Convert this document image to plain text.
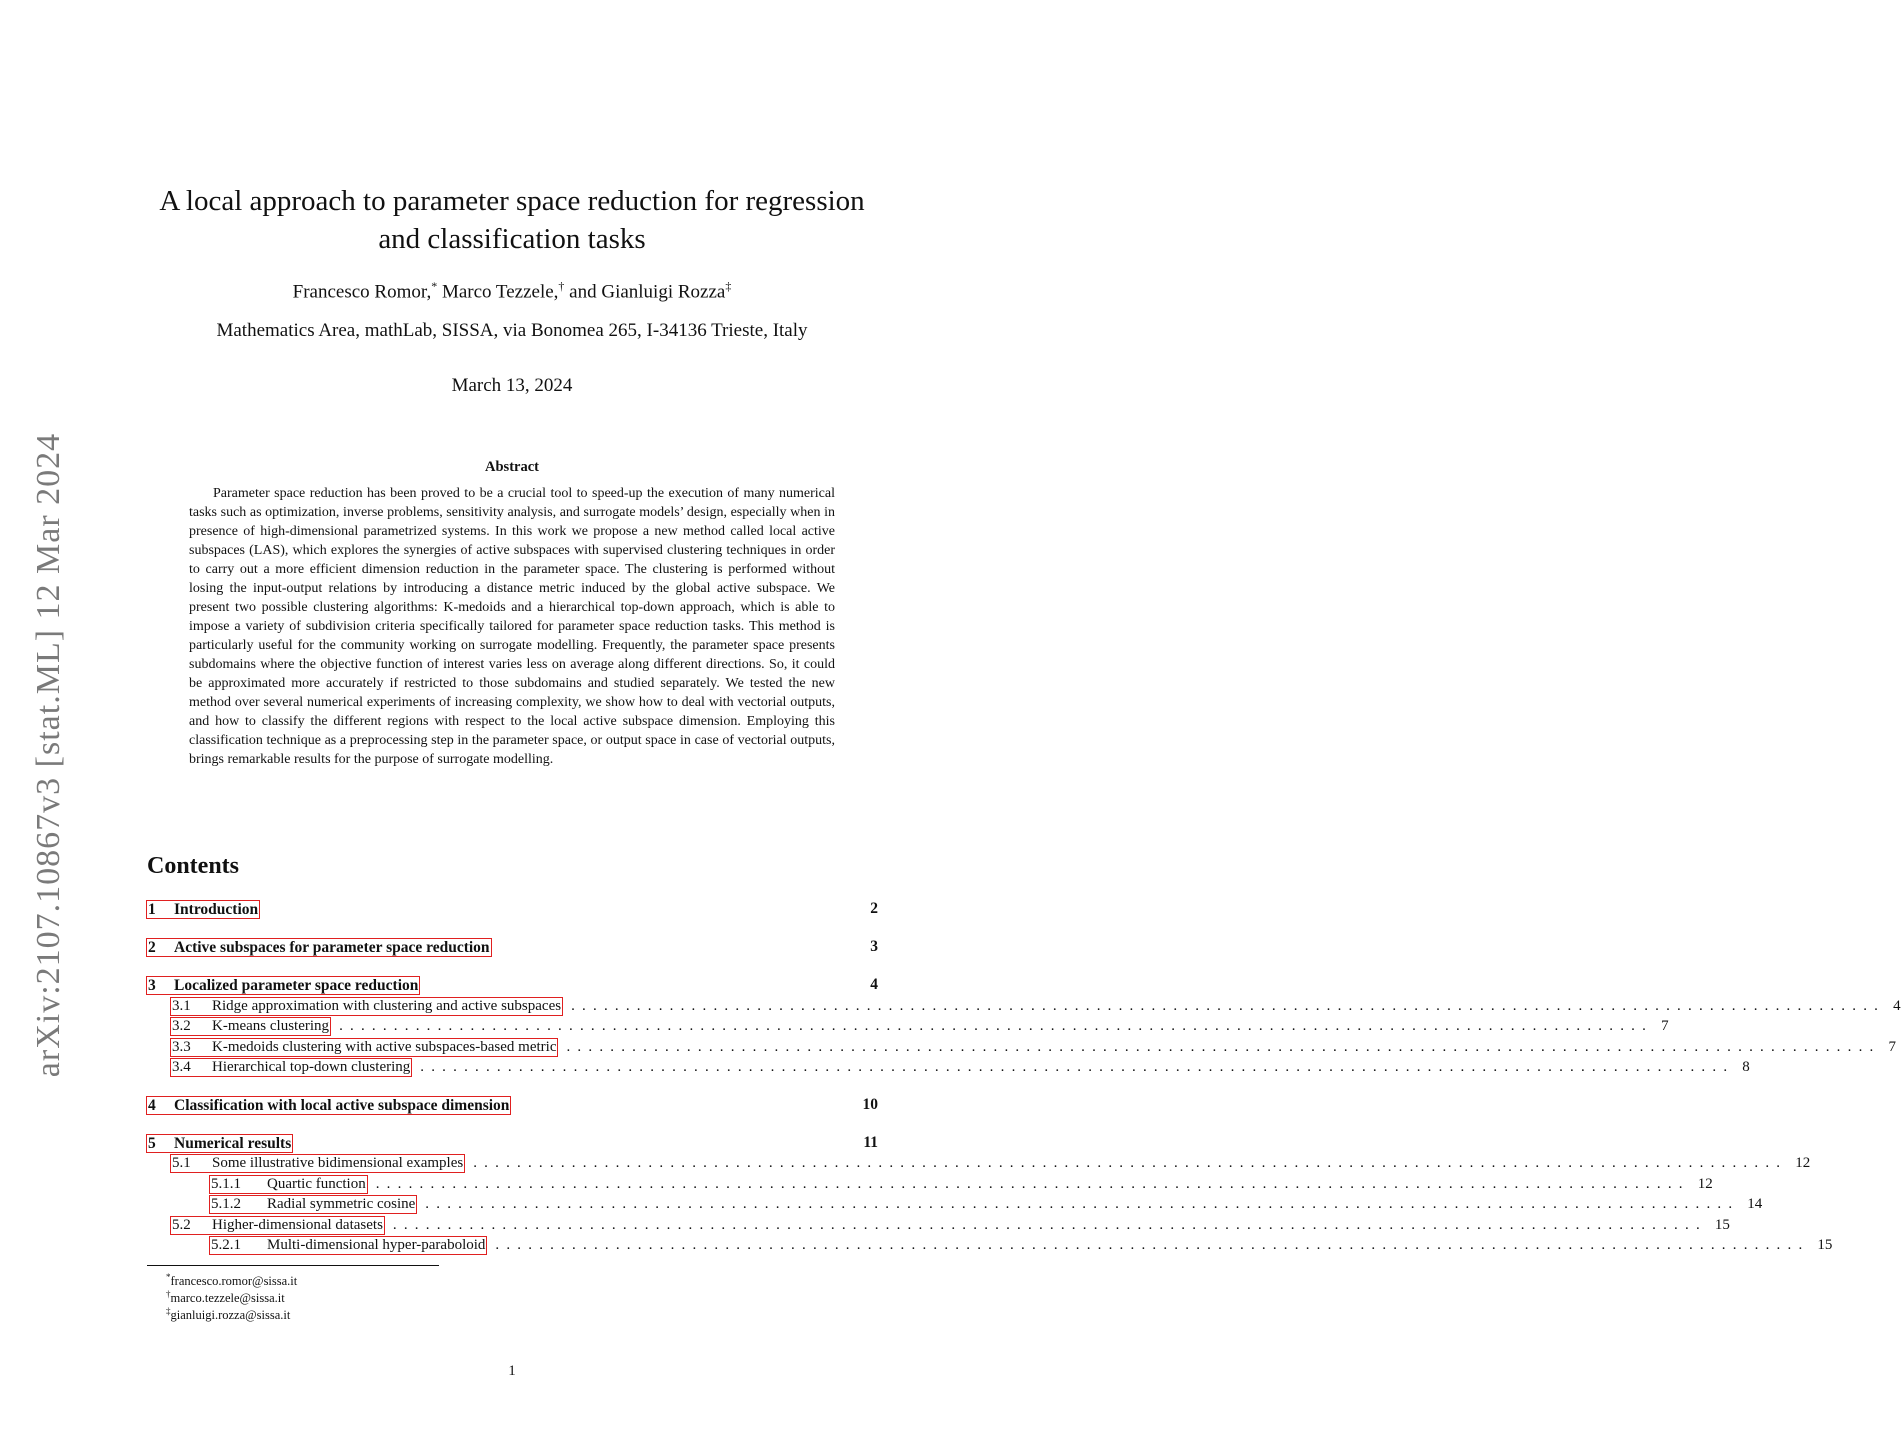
arXiv:2107.10867v3 [stat.ML] 12 Mar 2024
A local approach to parameter space reduction for regression
and classification tasks
Francesco Romor,* Marco Tezzele,† and Gianluigi Rozza‡
Mathematics Area, mathLab, SISSA, via Bonomea 265, I-34136 Trieste, Italy
March 13, 2024
Abstract

Parameter space reduction has been proved to be a crucial tool to speed-up the execution of many numerical tasks such as optimization, inverse problems, sensitivity analysis, and surrogate models’ design, especially when in presence of high-dimensional parametrized systems. In this work we propose a new method called local active subspaces (LAS), which explores the synergies of active subspaces with supervised clustering techniques in order to carry out a more efficient dimension reduction in the parameter space. The clustering is performed without losing the input-output relations by introducing a distance metric induced by the global active subspace. We present two possible clustering algorithms: K-medoids and a hierarchical top-down approach, which is able to impose a variety of subdivision criteria specifically tailored for parameter space reduction tasks. This method is particularly useful for the community working on surrogate modelling. Frequently, the parameter space presents subdomains where the objective function of interest varies less on average along different directions. So, it could be approximated more accurately if restricted to those subdomains and studied separately. We tested the new method over several numerical experiments of increasing complexity, we show how to deal with vectorial outputs, and how to classify the different regions with respect to the local active subspace dimension. Employing this classification technique as a preprocessing step in the parameter space, or output space in case of vectorial outputs, brings remarkable results for the purpose of surrogate modelling.

Contents
1 Introduction	2
2 Active subspaces for parameter space reduction	3
3 Localized parameter space reduction	4
3.1 Ridge approximation with clustering and active subspaces ........................................................................................................................ 4
3.2 K-means clustering ........................................................................................................................ 7
3.3 K-medoids clustering with active subspaces-based metric ........................................................................................................................ 7
3.4 Hierarchical top-down clustering ........................................................................................................................ 8
4 Classification with local active subspace dimension	10
5 Numerical results	11
5.1 Some illustrative bidimensional examples ........................................................................................................................ 12
5.1.1 Quartic function ........................................................................................................................ 12
5.1.2 Radial symmetric cosine ........................................................................................................................ 14
5.2 Higher-dimensional datasets ........................................................................................................................ 15
5.2.1 Multi-dimensional hyper-paraboloid ........................................................................................................................ 15
*francesco.romor@sissa.it
†marco.tezzele@sissa.it
‡gianluigi.rozza@sissa.it
1
